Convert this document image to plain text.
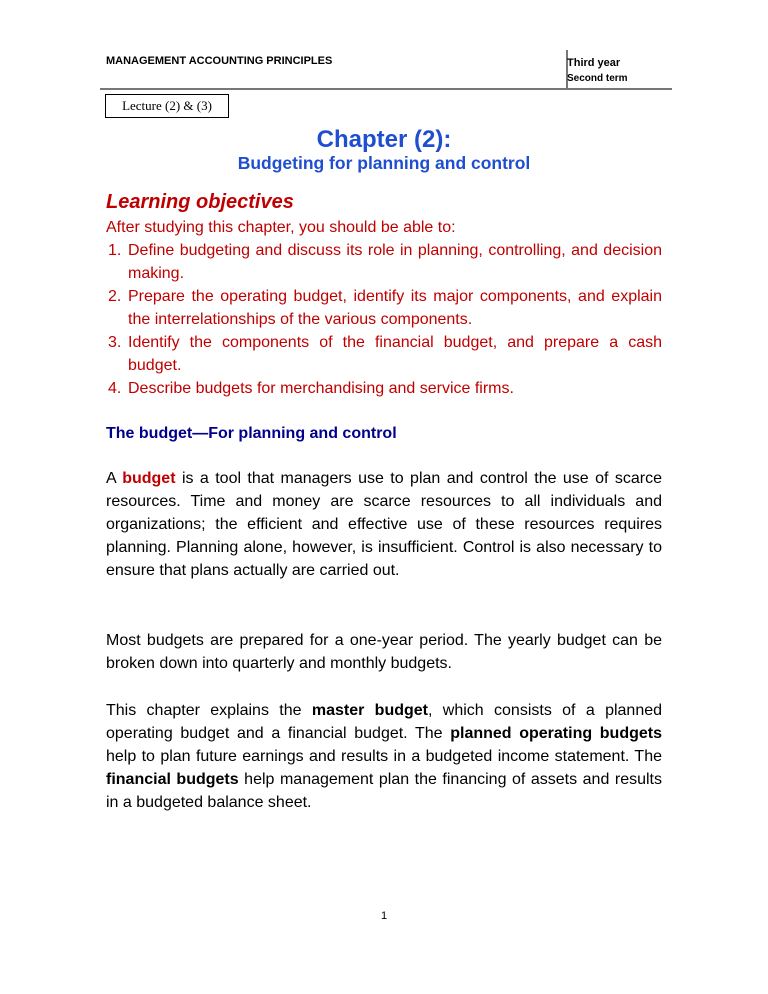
MANAGEMENT ACCOUNTING PRINCIPLES	Third year
Second term
Lecture (2) & (3)
Chapter (2):
Budgeting for planning and control
Learning objectives
After studying this chapter, you should be able to:
1. Define budgeting and discuss its role in planning, controlling, and decision making.
2. Prepare the operating budget, identify its major components, and explain the interrelationships of the various components.
3. Identify the components of the financial budget, and prepare a cash budget.
4. Describe budgets for merchandising and service firms.
The budget—For planning and control

A budget is a tool that managers use to plan and control the use of scarce resources. Time and money are scarce resources to all individuals and organizations; the efficient and effective use of these resources requires planning. Planning alone, however, is insufficient. Control is also necessary to ensure that plans actually are carried out.

Most budgets are prepared for a one-year period. The yearly budget can be broken down into quarterly and monthly budgets.

This chapter explains the master budget, which consists of a planned operating budget and a financial budget. The planned operating budgets help to plan future earnings and results in a budgeted income statement. The financial budgets help management plan the financing of assets and results in a budgeted balance sheet.

1
